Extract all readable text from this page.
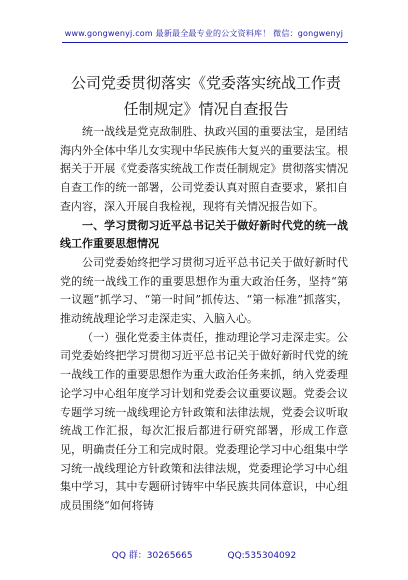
www.gongwenyj.com 最新最全最专业的公文资料库！ 微信：gongwenyj
公司党委贯彻落实《党委落实统战工作责任制规定》情况自查报告

统一战线是党克敌制胜、执政兴国的重要法宝，是团结海内外全体中华儿女实现中华民族伟大复兴的重要法宝。根据关于开展《党委落实统战工作责任制规定》贯彻落实情况自查工作的统一部署，公司党委认真对照自查要求，紧扣自查内容，深入开展自我检视，现将有关情况报告如下。

一、学习贯彻习近平总书记关于做好新时代党的统一战线工作重要思想情况

公司党委始终把学习贯彻习近平总书记关于做好新时代党的统一战线工作的重要思想作为重大政治任务，坚持“第一议题”抓学习、“第一时间”抓传达、“第一标准”抓落实，推动统战理论学习走深走实、入脑入心。

（一）强化党委主体责任，推动理论学习走深走实。公司党委始终把学习贯彻习近平总书记关于做好新时代党的统一战线工作的重要思想作为重大政治任务来抓，纳入党委理论学习中心组年度学习计划和党委会议重要议题。党委会议专题学习统一战线理论方针政策和法律法规，党委会议听取统战工作汇报，每次汇报后都进行研究部署，形成工作意见，明确责任分工和完成时限。党委理论学习中心组集中学习统一战线理论方针政策和法律法规，党委理论学习中心组集中学习，其中专题研讨铸牢中华民族共同体意识，中心组成员围绕“如何将铸

QQ 群：30265665	QQ:535304092
